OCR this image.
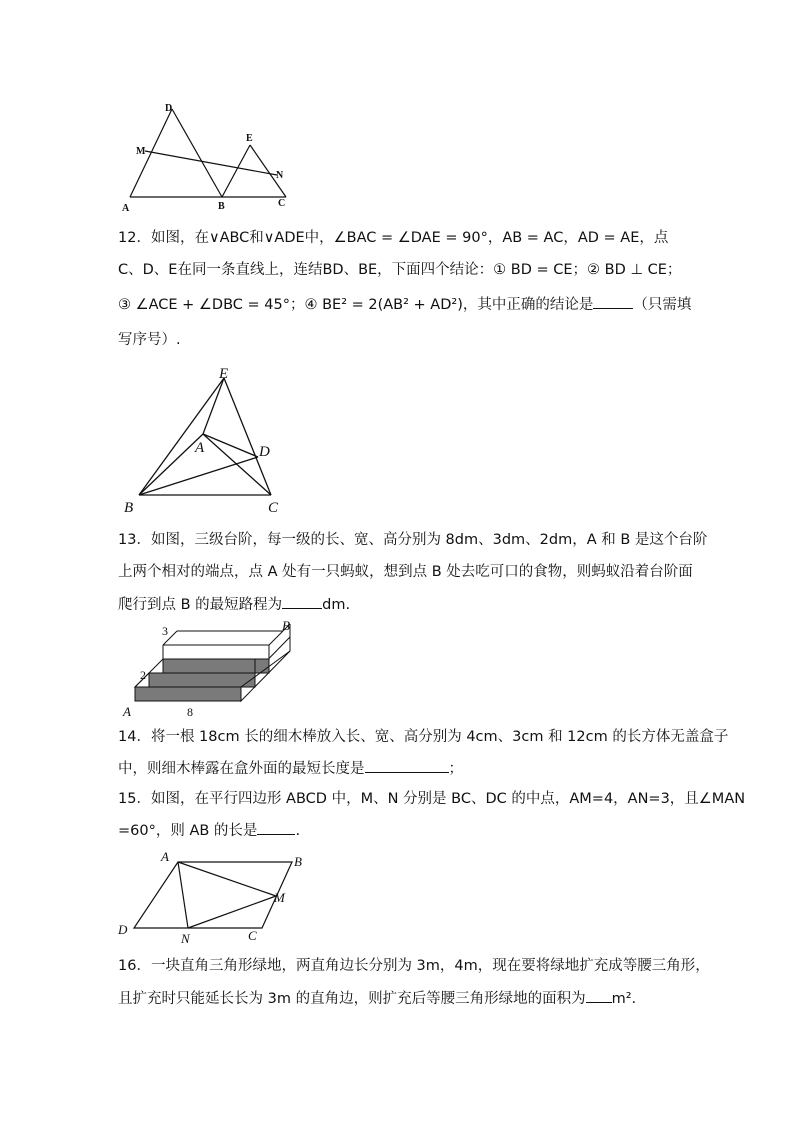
D
M
E
N
A	B	C
12．如图，在∨ABC和∨ADE中，∠BAC = ∠DAE = 90°，AB = AC，AD = AE，点
C、D、E在同一条直线上，连结BD、BE，下面四个结论：① BD = CE；② BD ⊥ CE；
③ ∠ACE + ∠DBC = 45°；④ BE² = 2(AB² + AD²)，其中正确的结论是	（只需填
写序号）.
E
A	D
B	C
13．如图，三级台阶，每一级的长、宽、高分别为 8dm、3dm、2dm，A 和 B 是这个台阶
上两个相对的端点，点 A 处有一只蚂蚁，想到点 B 处去吃可口的食物，则蚂蚁沿着台阶面
爬行到点 B 的最短路程为	dm.
3	B
2
A	8
14．将一根 18cm 长的细木棒放入长、宽、高分别为 4cm、3cm 和 12cm 的长方体无盖盒子
中，则细木棒露在盒外面的最短长度是	；
15．如图，在平行四边形 ABCD 中，M、N 分别是 BC、DC 的中点，AM=4，AN=3，且∠MAN
=60°，则 AB 的长是	.
A	B
M
D
N	C
16．一块直角三角形绿地，两直角边长分别为 3m，4m，现在要将绿地扩充成等腰三角形，
且扩充时只能延长长为 3m 的直角边，则扩充后等腰三角形绿地的面积为 m².
